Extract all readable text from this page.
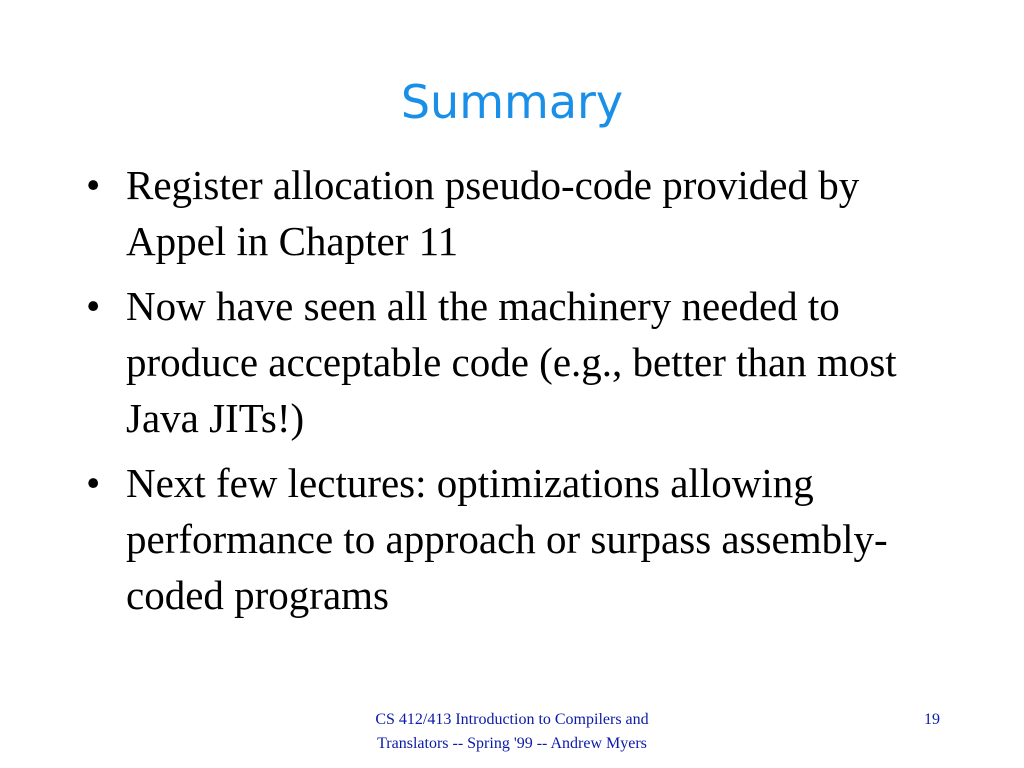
Summary
• Register allocation pseudo-code provided by Appel in Chapter 11
• Now have seen all the machinery needed to produce acceptable code (e.g., better than most Java JITs!)
• Next few lectures: optimizations allowing performance to approach or surpass assembly-coded programs
CS 412/413 Introduction to Compilers and Translators -- Spring '99 -- Andrew Myers
19
